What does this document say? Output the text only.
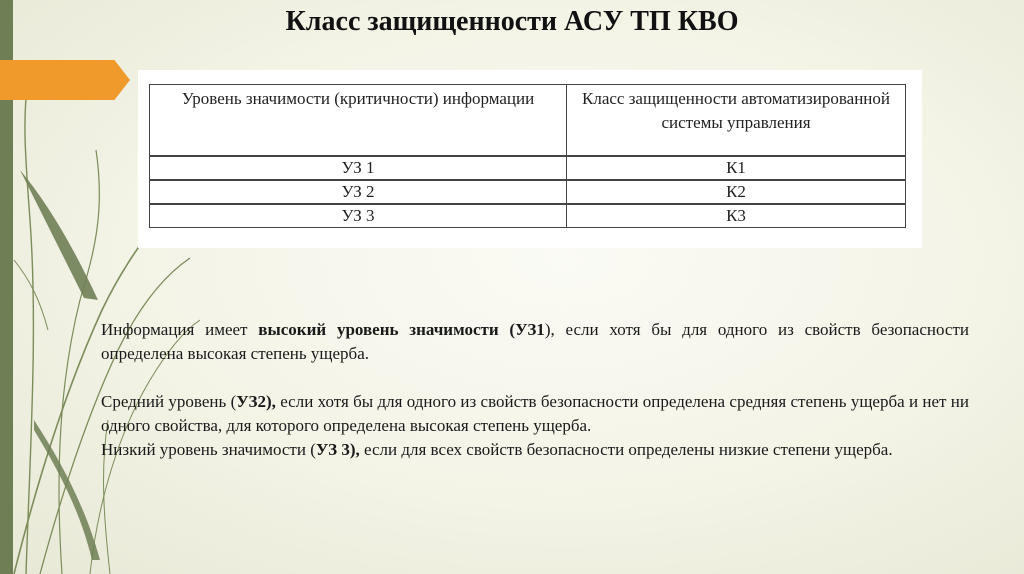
Класс защищенности АСУ ТП КВО
Уровень значимости (критичности) информации	Класс защищенности автоматизированной системы управления
УЗ 1	К1
УЗ 2	К2
УЗ 3	К3

Информация имеет высокий уровень значимости (УЗ1), если хотя бы для одного из свойств безопасности определена высокая степень ущерба.

Средний уровень (УЗ2), если хотя бы для одного из свойств безопасности определена средняя степень ущерба и нет ни одного свойства, для которого определена высокая степень ущерба.

Низкий уровень значимости (УЗ 3), если для всех свойств безопасности определены низкие степени ущерба.
